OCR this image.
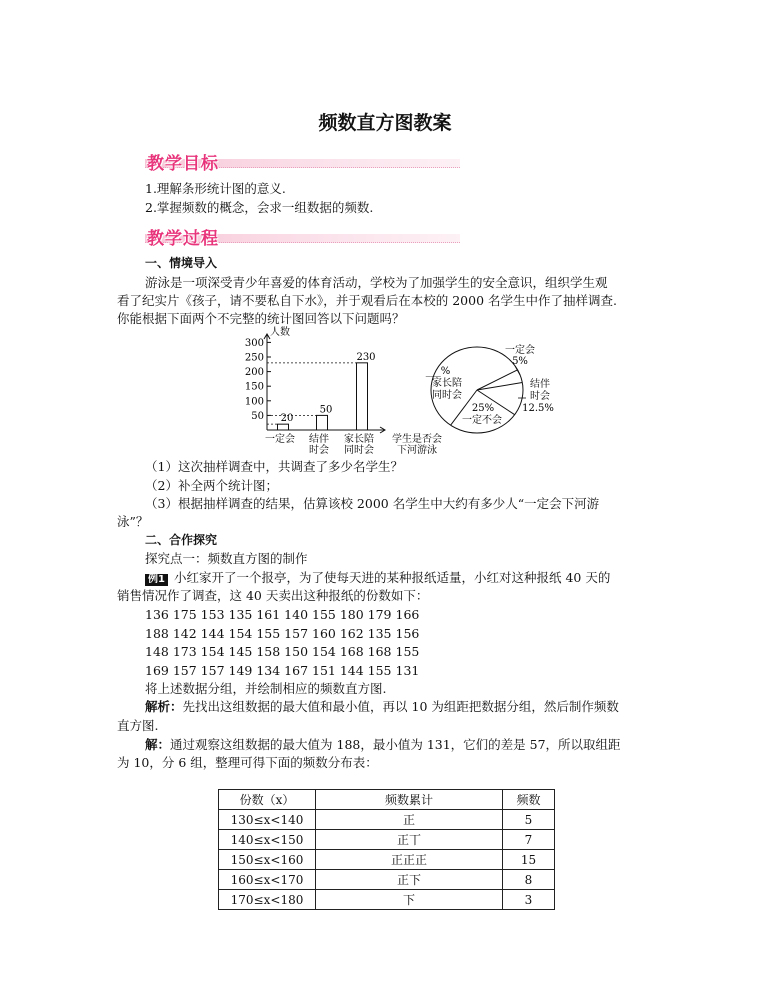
频数直方图教案
教学目标
1.理解条形统计图的意义.
2.掌握频数的概念，会求一组数据的频数.
教学过程
一、情境导入
游泳是一项深受青少年喜爱的体育活动，学校为了加强学生的安全意识，组织学生观
看了纪实片《孩子，请不要私自下水》，并于观看后在本校的 2000 名学生中作了抽样调查.
你能根据下面两个不完整的统计图回答以下问题吗？
人数
50
100
150
200
250
300
20
50
230
一定会 结伴
时会
家长陪
同时会
学生是否会
下河游泳
一定会
5%
结伴
时会
12.5%
25%
一定不会
___%
家长陪
同时会
（1）这次抽样调查中，共调查了多少名学生？
（2）补全两个统计图；
（3）根据抽样调查的结果，估算该校 2000 名学生中大约有多少人“一定会下河游
泳”？
二、合作探究
探究点一：频数直方图的制作
例1 小红家开了一个报亭，为了使每天进的某种报纸适量，小红对这种报纸 40 天的
销售情况作了调查，这 40 天卖出这种报纸的份数如下：
136 175 153 135 161 140 155 180 179 166
188 142 144 154 155 157 160 162 135 156
148 173 154 145 158 150 154 168 168 155
169 157 157 149 134 167 151 144 155 131
将上述数据分组，并绘制相应的频数直方图.
解析：先找出这组数据的最大值和最小值，再以 10 为组距把数据分组，然后制作频数
直方图.
解：通过观察这组数据的最大值为 188，最小值为 131，它们的差是 57，所以取组距
为 10，分 6 组，整理可得下面的频数分布表：
份数（x）	频数累计	频数
130≤x<140	正	5
140≤x<150	正丅	7
150≤x<160	正正正	15
160≤x<170	正下	8
170≤x<180	下	3
